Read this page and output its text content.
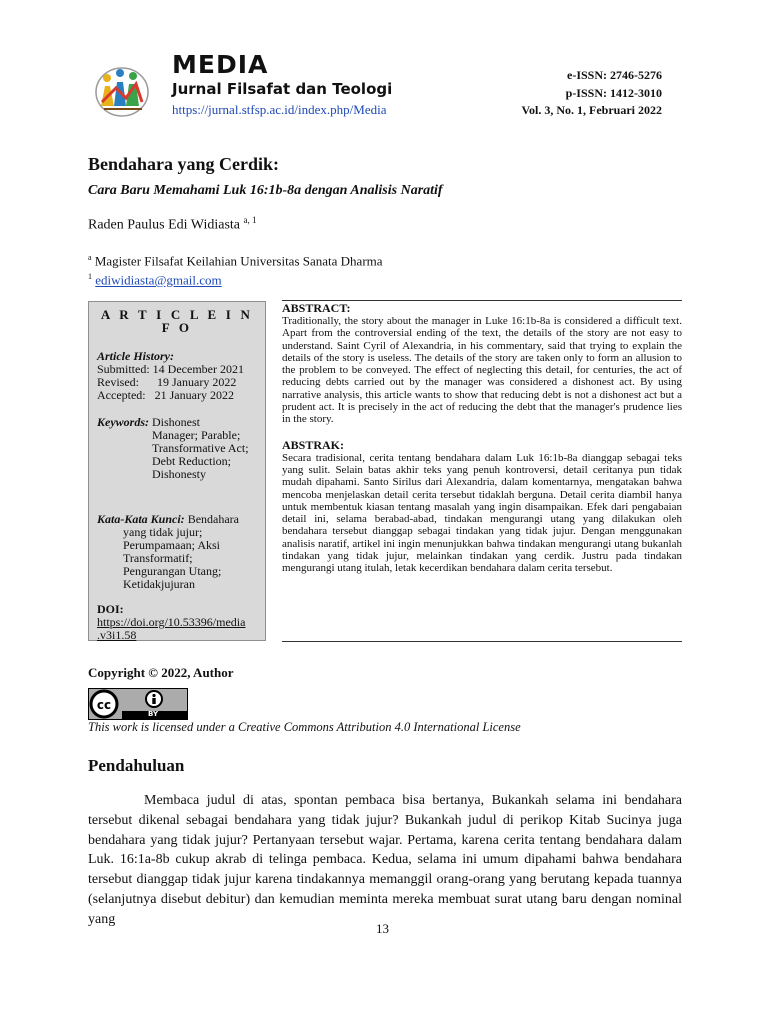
MEDIA
Jurnal Filsafat dan Teologi
https://jurnal.stfsp.ac.id/index.php/Media
e-ISSN: 2746-5276
p-ISSN: 1412-3010
Vol. 3, No. 1, Februari 2022
Bendahara yang Cerdik:
Cara Baru Memahami Luk 16:1b-8a dengan Analisis Naratif
Raden Paulus Edi Widiasta $^{a, 1}$
$^a$ Magister Filsafat Keilahian Universitas Sanata Dharma
$^1$ ediwidiasta@gmail.com
A R T I C L E I N F O
Article History:
Submitted: 14 December 2021
Revised:      19 January 2022
Accepted:   21 January 2022
Keywords: Dishonest
Manager; Parable;
Transformative Act;
Debt Reduction;
Dishonesty
Kata-Kata Kunci: Bendahara
yang tidak jujur;
Perumpamaan; Aksi
Transformatif;
Pengurangan Utang;
Ketidakjujuran
DOI:
https://doi.org/10.53396/media
.v3i1.58
ABSTRACT:
Traditionally, the story about the manager in Luke 16:1b-8a is considered a difficult text. Apart from the controversial ending of the text, the details of the story are not easy to understand. Saint Cyril of Alexandria, in his commentary, said that trying to explain the details of the story is useless. The details of the story are taken only to form an allusion to the problem to be conveyed. The effect of neglecting this detail, for centuries, the act of reducing debts carried out by the manager was considered a dishonest act. By using narrative analysis, this article wants to show that reducing debt is not a dishonest act but a prudent act. It is precisely in the act of reducing the debt that the manager's prudence lies in the story.
ABSTRAK:
Secara tradisional, cerita tentang bendahara dalam Luk 16:1b-8a dianggap sebagai teks yang sulit. Selain batas akhir teks yang penuh kontroversi, detail ceritanya pun tidak mudah dipahami. Santo Sirilus dari Alexandria, dalam komentarnya, mengatakan bahwa mencoba menjelaskan detail cerita tersebut tidaklah berguna. Detail cerita diambil hanya untuk membentuk kiasan tentang masalah yang ingin disampaikan. Efek dari pengabaian detail ini, selama berabad-abad, tindakan mengurangi utang yang dilakukan oleh bendahara tersebut dianggap sebagai tindakan yang tidak jujur. Dengan menggunakan analisis naratif, artikel ini ingin menunjukkan bahwa tindakan mengurangi utang bukanlah tindakan yang tidak jujur, melainkan tindakan yang cerdik. Justru pada tindakan mengurangi utang itulah, letak kecerdikan bendahara dalam cerita tersebut.
Copyright © 2022, Author
cc
BY
This work is licensed under a Creative Commons Attribution 4.0 International License
Pendahuluan
Membaca judul di atas, spontan pembaca bisa bertanya, Bukankah selama ini bendahara tersebut dikenal sebagai bendahara yang tidak jujur? Bukankah judul di perikop Kitab Sucinya juga bendahara yang tidak jujur? Pertanyaan tersebut wajar. Pertama, karena cerita tentang bendahara dalam Luk. 16:1a-8b cukup akrab di telinga pembaca. Kedua, selama ini umum dipahami bahwa bendahara tersebut dianggap tidak jujur karena tindakannya memanggil orang-orang yang berutang kepada tuannya (selanjutnya disebut debitur) dan kemudian meminta mereka membuat surat utang baru dengan nominal yang
13
